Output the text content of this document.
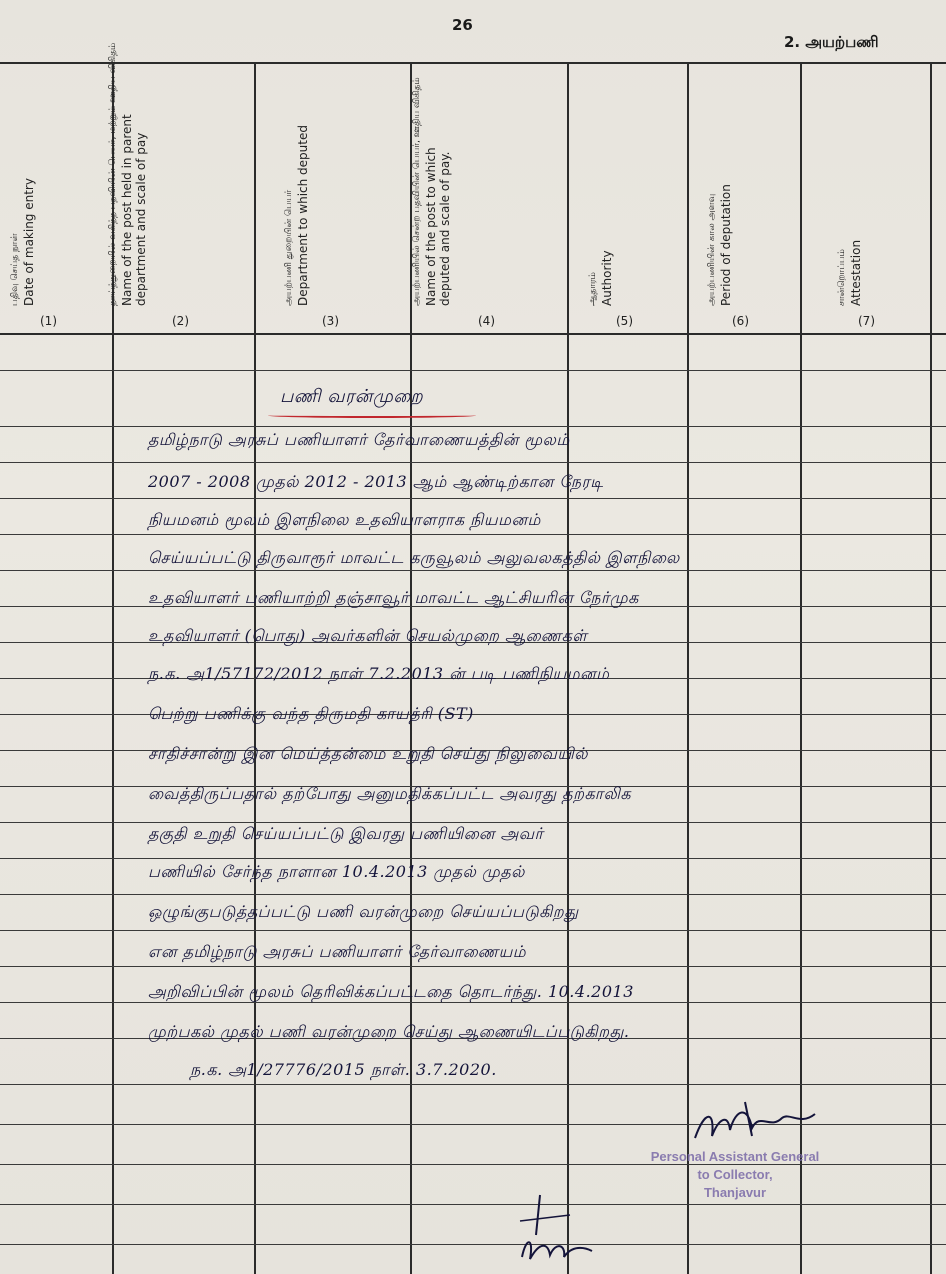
26
2. அயற்பணி
பதிவு செய்த நாள் Date of making entry
(1)
தாய்த்துறையில் வகித்த பதவியின் பெயர், மற்றும் ஊதிய விகிதம் Name of the post held in parent department and scale of pay
(2)
அயற்பணி துறையின் பெயர் Department to which deputed
(3)
அயற்பணியில் சென்ற பதவியின் பெயர், ஊதிய விகிதம் Name of the post to which deputed and scale of pay.
(4)
ஆதாரம் Authority
(5)
அயற்பணியின் கால அளவு Period of deputation
(6)
சான்றொப்பம் Attestation
(7)
பணி வரன்முறை
தமிழ்நாடு அரசுப் பணியாளர் தேர்வாணையத்தின் மூலம்
2007 - 2008 முதல் 2012 - 2013 ஆம் ஆண்டிற்கான நேரடி
நியமனம் மூலம் இளநிலை உதவியாளராக நியமனம்
செய்யப்பட்டு திருவாரூர் மாவட்ட கருவூலம் அலுவலகத்தில் இளநிலை
உதவியாளர் பணியாற்றி தஞ்சாவூர் மாவட்ட ஆட்சியரின் நேர்முக
உதவியாளர் (பொது) அவர்களின் செயல்முறை ஆணைகள்
ந.க. அ1/57172/2012 நாள் 7.2.2013 ன் படி பணிநியமனம்
பெற்று பணிக்கு வந்த திருமதி காயத்ரி (ST)
சாதிச்சான்று இன மெய்த்தன்மை உறுதி செய்து நிலுவையில்
வைத்திருப்பதால் தற்போது அனுமதிக்கப்பட்ட அவரது தற்காலிக
தகுதி உறுதி செய்யப்பட்டு இவரது பணியினை அவர்
பணியில் சேர்ந்த நாளான 10.4.2013 முதல் முதல்
ஒழுங்குபடுத்தப்பட்டு பணி வரன்முறை செய்யப்படுகிறது
என தமிழ்நாடு அரசுப் பணியாளர் தேர்வாணையம்
அறிவிப்பின் மூலம் தெரிவிக்கப்பட்டதை தொடர்ந்து. 10.4.2013
முற்பகல் முதல் பணி வரன்முறை செய்து ஆணையிடப்படுகிறது.
ந.க. அ1/27776/2015 நாள். 3.7.2020.
Personal Assistant General
to Collector,
Thanjavur
